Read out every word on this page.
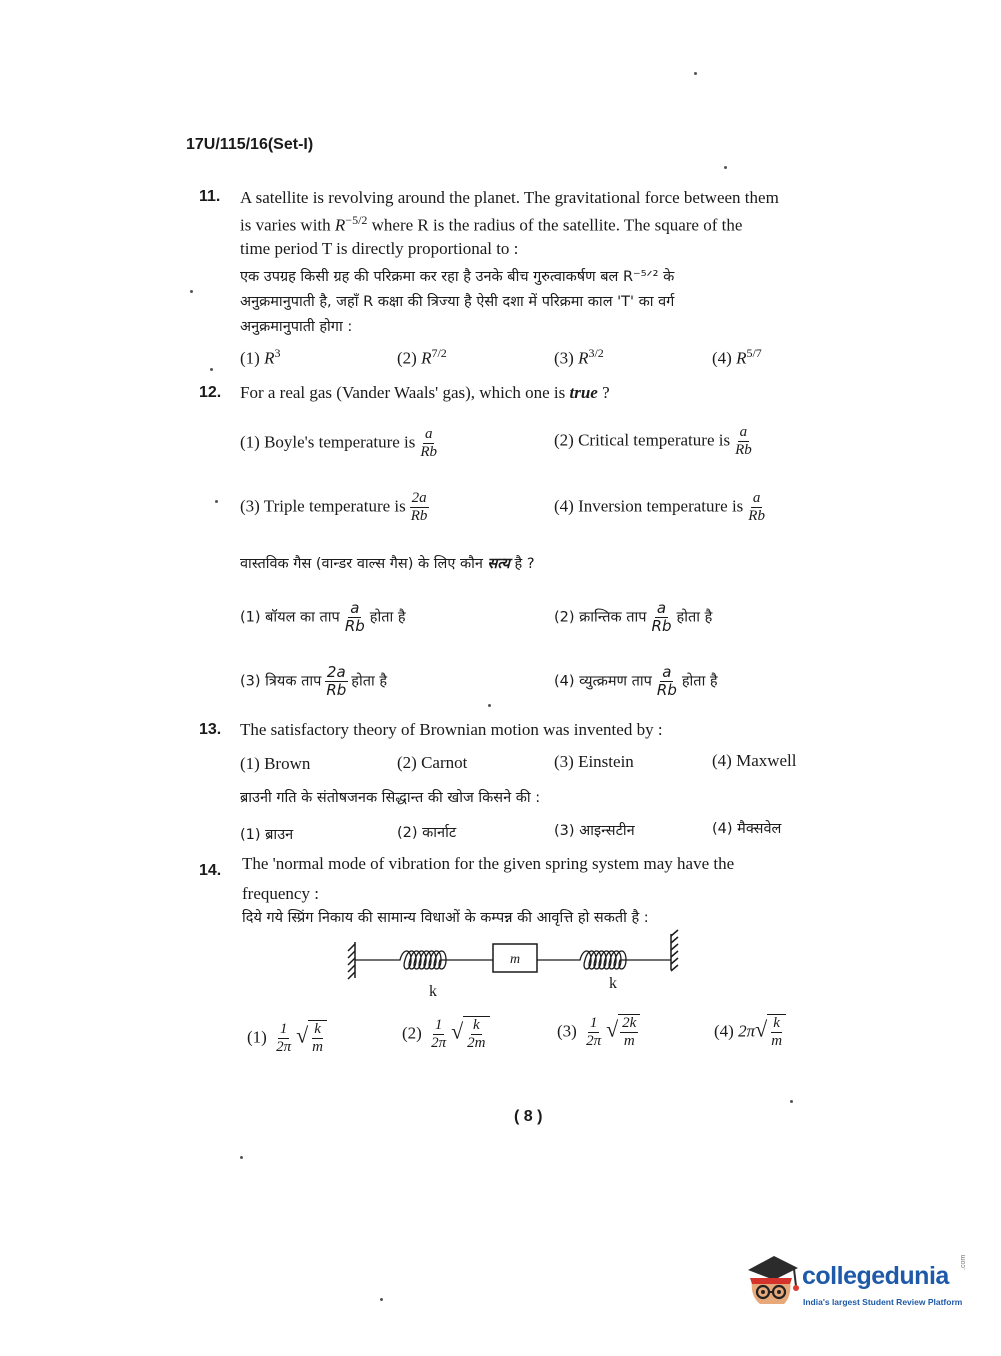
17U/115/16(Set-I)
11. A satellite is revolving around the planet. The gravitational force between them
is varies with $R^{-5/2}$ where R is the radius of the satellite. The square of the
time period T is directly proportional to :
एक उपग्रह किसी ग्रह की परिक्रमा कर रहा है उनके बीच गुरुत्वाकर्षण बल R⁻⁵ᐟ² के
अनुक्रमानुपाती है, जहाँ R कक्षा की त्रिज्या है ऐसी दशा में परिक्रमा काल 'T' का वर्ग
अनुक्रमानुपाती होगा :
(1) $R^3$	(2) $R^{7/2}$	(3) $R^{3/2}$	(4) $R^{5/7}$
12. For a real gas (Vander Waals' gas), which one is true ?
(1) Boyle's temperature is $\frac{a}{Rb}$	(2) Critical temperature is $\frac{a}{Rb}$
(3) Triple temperature is $\frac{2a}{Rb}$	(4) Inversion temperature is $\frac{a}{Rb}$
वास्तविक गैस (वान्डर वाल्स गैस) के लिए कौन सत्य है ?
(1) बॉयल का ताप $\frac{a}{Rb}$ होता है	(2) क्रान्तिक ताप $\frac{a}{Rb}$ होता है
(3) त्रियक ताप $\frac{2a}{Rb}$ होता है	(4) व्युत्क्रमण ताप $\frac{a}{Rb}$ होता है
13. The satisfactory theory of Brownian motion was invented by :
(1) Brown	(2) Carnot	(3) Einstein	(4) Maxwell
ब्राउनी गति के संतोषजनक सिद्धान्त की खोज किसने की :
(1) ब्राउन	(2) कार्नाट	(3) आइन्सटीन	(4) मैक्सवेल
14. The 'normal mode of vibration for the given spring system may have the
frequency :
दिये गये स्प्रिंग निकाय की सामान्य विधाओं के कम्पन्न की आवृत्ति हो सकती है :
m
k	k
$(1) \frac{1}{2\pi}$ √ $\frac{k}{m}$	$(2) \frac{1}{2\pi}$ √ $\frac{k}{2m}$	$(3) \frac{1}{2\pi}$ √ $\frac{2k}{m}$	(4) $2\pi√ \frac{k}{m}$
( 8 )
collegedunia .com
India's largest Student Review Platform
